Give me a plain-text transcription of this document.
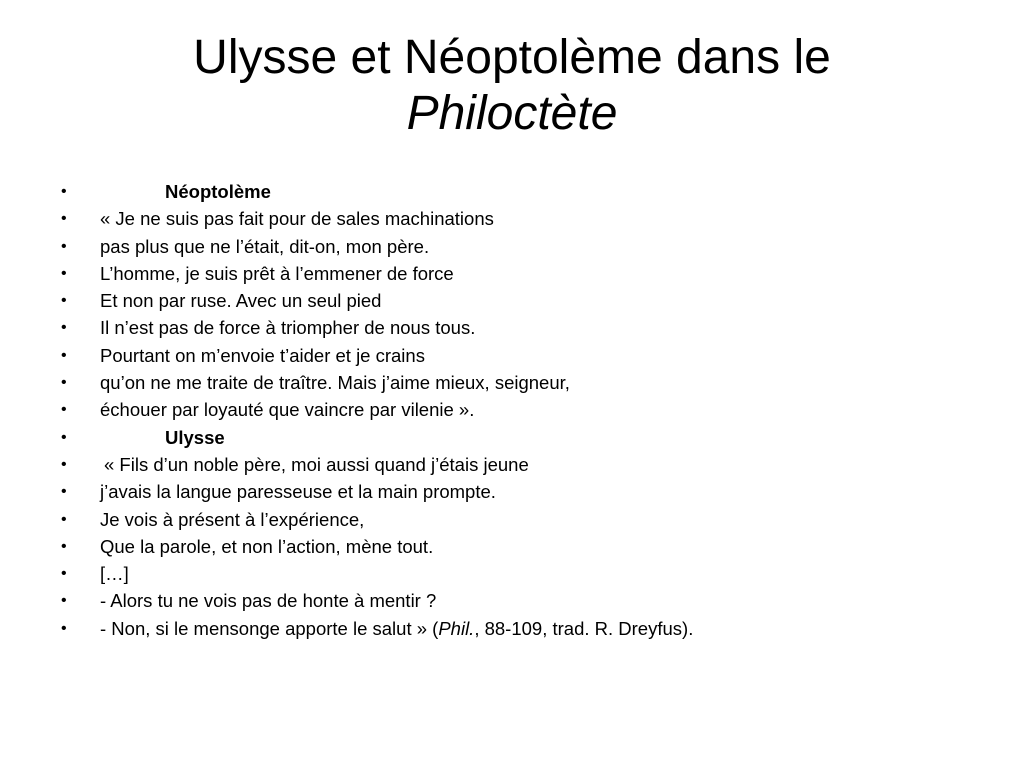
Ulysse et Néoptolème dans le
Philoctète
•	Néoptolème
• « Je ne suis pas fait pour de sales machinations
• pas plus que ne l’était, dit-on, mon père.
• L’homme, je suis prêt à l’emmener de force
• Et non par ruse. Avec un seul pied
• Il n’est pas de force à triompher de nous tous.
• Pourtant on m’envoie t’aider et je crains
• qu’on ne me traite de traître. Mais j’aime mieux, seigneur,
• échouer par loyauté que vaincre par vilenie ».
•	Ulysse
• « Fils d’un noble père, moi aussi quand j’étais jeune
• j’avais la langue paresseuse et la main prompte.
• Je vois à présent à l’expérience,
• Que la parole, et non l’action, mène tout.
• […]
• - Alors tu ne vois pas de honte à mentir ?
• - Non, si le mensonge apporte le salut » (Phil., 88-109, trad. R. Dreyfus).
